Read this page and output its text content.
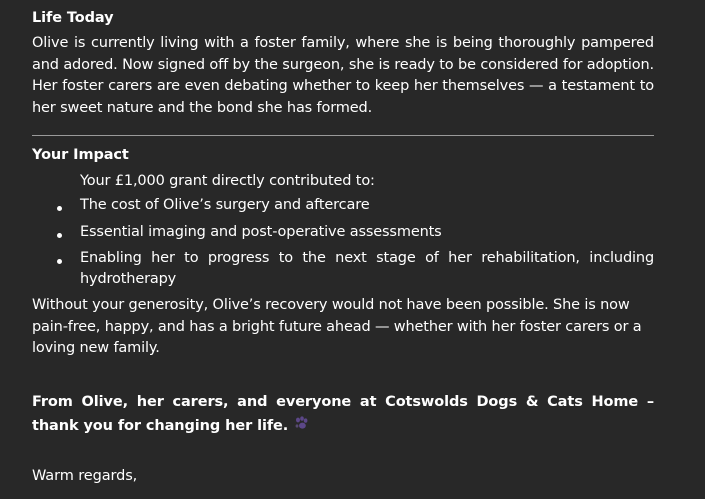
Life Today
Olive is currently living with a foster family, where she is being thoroughly pampered and adored. Now signed off by the surgeon, she is ready to be considered for adoption. Her foster carers are even debating whether to keep her themselves — a testament to her sweet nature and the bond she has formed.
Your Impact
Your £1,000 grant directly contributed to:
The cost of Olive’s surgery and aftercare
Essential imaging and post-operative assessments
Enabling her to progress to the next stage of her rehabilitation, including hydrotherapy
Without your generosity, Olive’s recovery would not have been possible. She is now pain-free, happy, and has a bright future ahead — whether with her foster carers or a loving new family.
From Olive, her carers, and everyone at Cotswolds Dogs & Cats Home – thank you for changing her life.
Warm regards,
